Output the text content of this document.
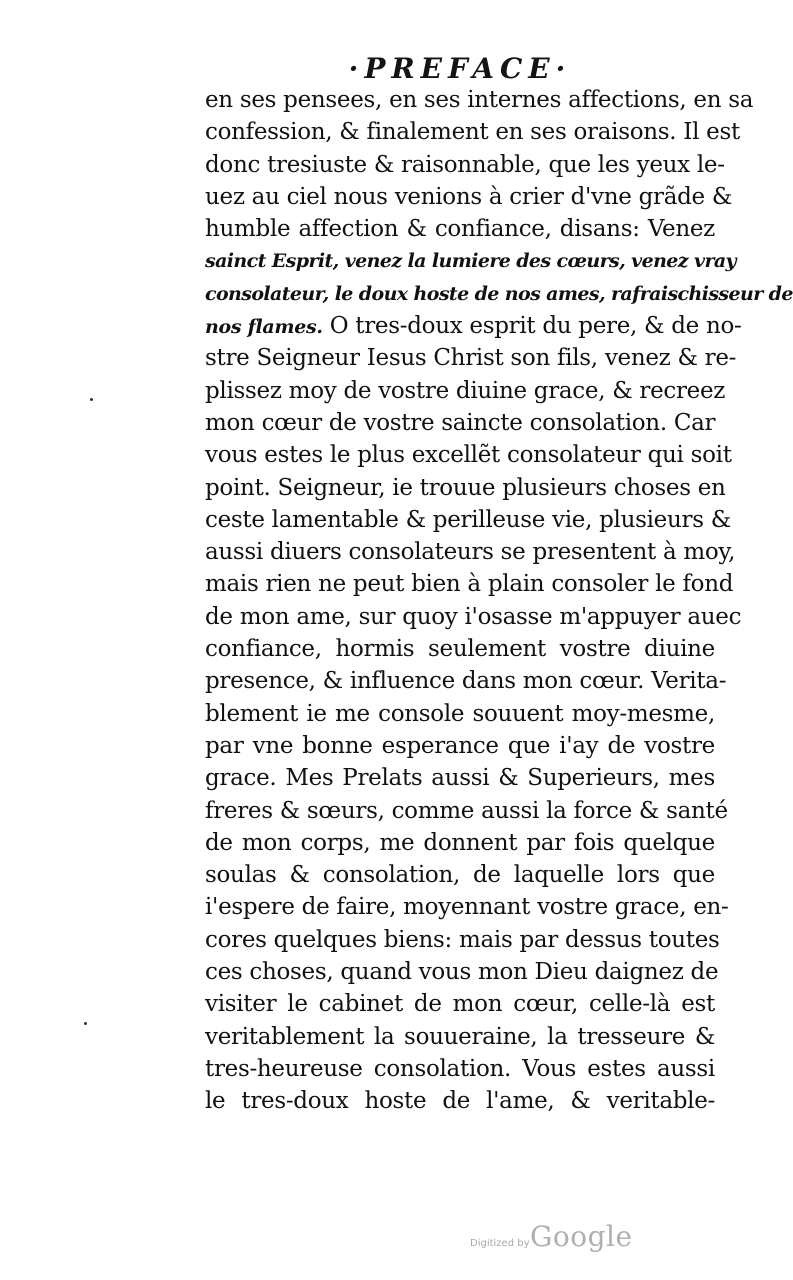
·PREFACE·
en ses pensees, en ses internes affections, en sa
confession, & finalement en ses oraisons. Il est
donc tresiuste & raisonnable, que les yeux le-
uez au ciel nous venions à crier d'vne grãde &
humble affection & confiance, disans: Venez
sainct Esprit, venez la lumiere des cœurs, venez vray
consolateur, le doux hoste de nos ames, rafraischisseur de
nos flames. O tres-doux esprit du pere, & de no-
stre Seigneur Iesus Christ son fils, venez & re-
plissez moy de vostre diuine grace, & recreez
mon cœur de vostre saincte consolation. Car
vous estes le plus excellẽt consolateur qui soit
point. Seigneur, ie trouue plusieurs choses en
ceste lamentable & perilleuse vie, plusieurs &
aussi diuers consolateurs se presentent à moy,
mais rien ne peut bien à plain consoler le fond
de mon ame, sur quoy i'osasse m'appuyer auec
confiance, hormis seulement vostre diuine
presence, & influence dans mon cœur. Verita-
blement ie me console souuent moy-mesme,
par vne bonne esperance que i'ay de vostre
grace. Mes Prelats aussi & Superieurs, mes
freres & sœurs, comme aussi la force & santé
de mon corps, me donnent par fois quelque
soulas & consolation, de laquelle lors que
i'espere de faire, moyennant vostre grace, en-
cores quelques biens: mais par dessus toutes
ces choses, quand vous mon Dieu daignez de
visiter le cabinet de mon cœur, celle-là est
veritablement la souueraine, la tresseure &
tres-heureuse consolation. Vous estes aussi
le tres-doux hoste de l'ame, & veritable-
Digitized by Google
